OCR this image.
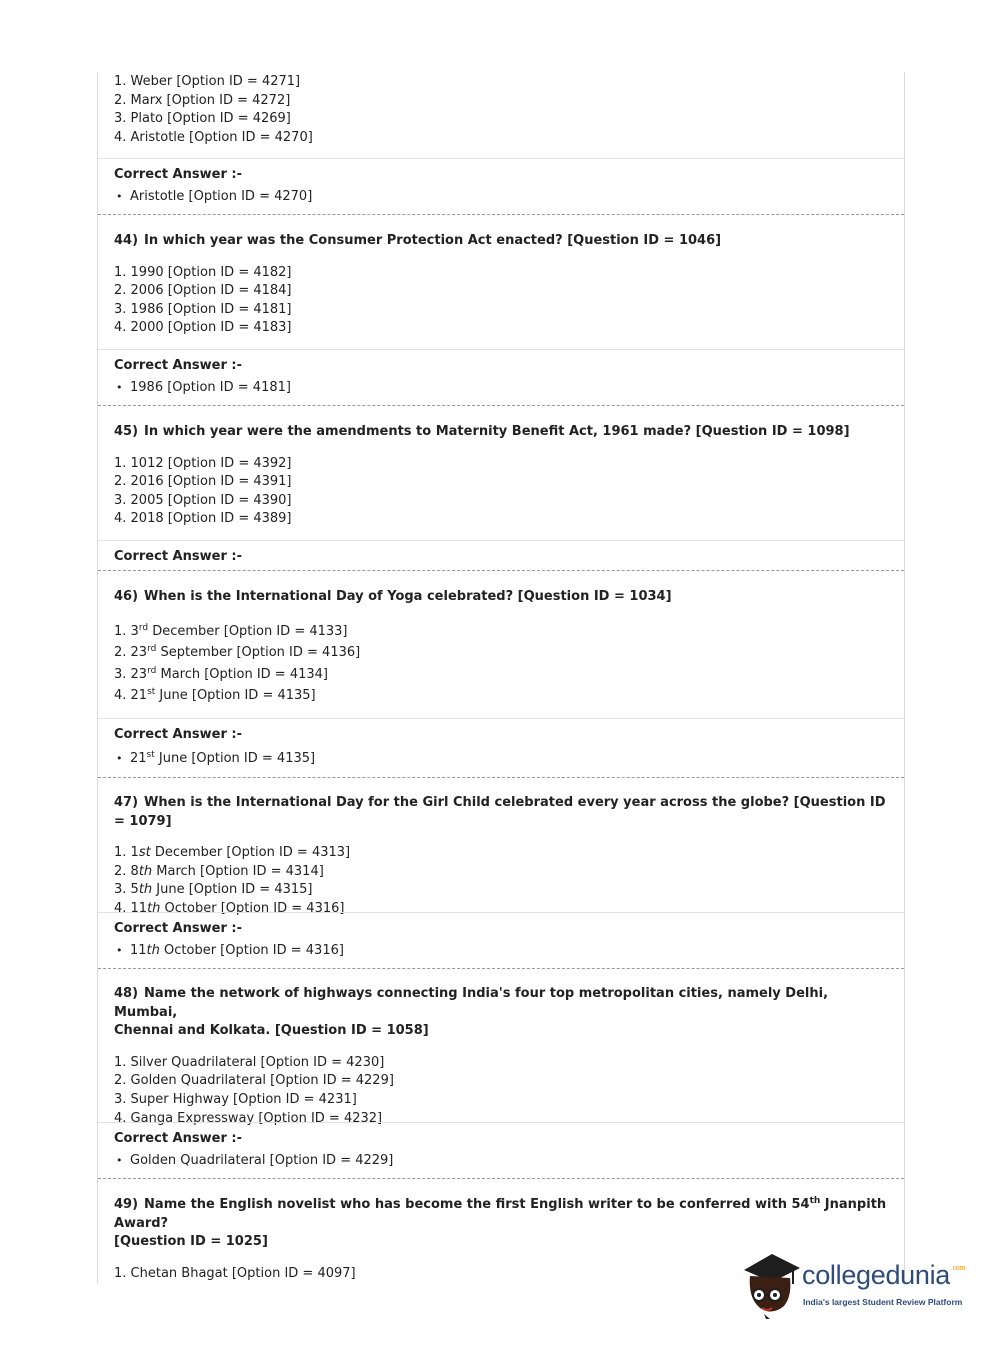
1. Weber [Option ID = 4271]
2. Marx [Option ID = 4272]
3. Plato [Option ID = 4269]
4. Aristotle [Option ID = 4270]
Correct Answer :-
• Aristotle [Option ID = 4270]
44) In which year was the Consumer Protection Act enacted? [Question ID = 1046]
1. 1990 [Option ID = 4182]
2. 2006 [Option ID = 4184]
3. 1986 [Option ID = 4181]
4. 2000 [Option ID = 4183]
Correct Answer :-
• 1986 [Option ID = 4181]
45) In which year were the amendments to Maternity Benefit Act, 1961 made? [Question ID = 1098]
1. 1012 [Option ID = 4392]
2. 2016 [Option ID = 4391]
3. 2005 [Option ID = 4390]
4. 2018 [Option ID = 4389]
Correct Answer :-
46) When is the International Day of Yoga celebrated? [Question ID = 1034]
1. 3rd December [Option ID = 4133]
2. 23rd September [Option ID = 4136]
3. 23rd March [Option ID = 4134]
4. 21st June [Option ID = 4135]
Correct Answer :-
• 21st June [Option ID = 4135]
47) When is the International Day for the Girl Child celebrated every year across the globe? [Question ID = 1079]
1. 1st December [Option ID = 4313]
2. 8th March [Option ID = 4314]
3. 5th June [Option ID = 4315]
4. 11th October [Option ID = 4316]
Correct Answer :-
• 11th October [Option ID = 4316]
48) Name the network of highways connecting India's four top metropolitan cities, namely Delhi, Mumbai,
Chennai and Kolkata. [Question ID = 1058]
1. Silver Quadrilateral [Option ID = 4230]
2. Golden Quadrilateral [Option ID = 4229]
3. Super Highway [Option ID = 4231]
4. Ganga Expressway [Option ID = 4232]
Correct Answer :-
• Golden Quadrilateral [Option ID = 4229]
49) Name the English novelist who has become the first English writer to be conferred with 54th Jnanpith Award?
[Question ID = 1025]
1. Chetan Bhagat [Option ID = 4097]	collegedunia$^{.com}$
India's largest Student Review Platform
